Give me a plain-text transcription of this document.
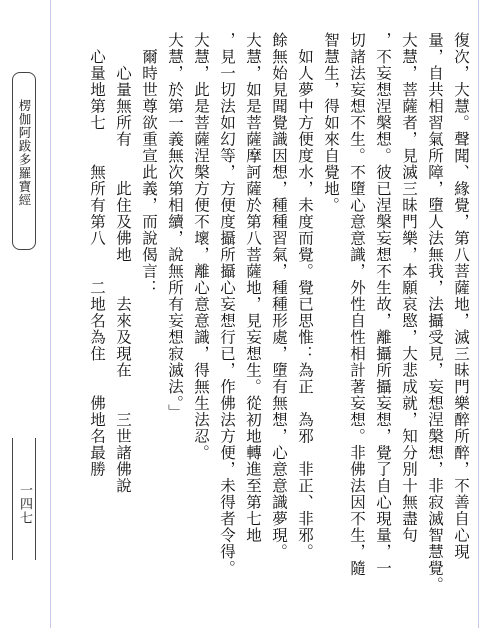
楞伽阿跋多羅寶經
一四七	復次，大慧。聲聞、緣覺，第八菩薩地，滅三昧門樂醉所醉，不善自心現
量，自共相習氣所障，墮人法無我，法攝受見，妄想涅槃想，非寂滅智慧覺。
大慧，菩薩者，見滅三昧門樂，本願哀愍，大悲成就，知分別十無盡句
，不妄想涅槃想。彼已涅槃妄想不生故，離攝所攝妄想，覺了自心現量，一
切諸法妄想不生。不墮心意意識，外性自性相計著妄想。非佛法因不生，隨
智慧生，得如來自覺地。
　如人夢中方便度水，未度而覺。覺已思惟：為正　為邪　非正、非邪。
餘無始見聞覺識因想，種種習氣，種種形處，墮有無想，心意意識夢現。
大慧，如是菩薩摩訶薩於第八菩薩地，見妄想生。從初地轉進至第七地
，見一切法如幻等，方便度攝所攝心妄想行已，作佛法方便，未得者令得。
大慧，此是菩薩涅槃方便不壞，離心意意識，得無生法忍。
大慧，於第一義無次第相續，說無所有妄想寂滅法。」
　爾時世尊欲重宣此義，而說偈言：
　　心量無所有　　此住及佛地　　去來及現在　　三世諸佛說
　心量地第七　　無所有第八　　二地名為住　　佛地名最勝
